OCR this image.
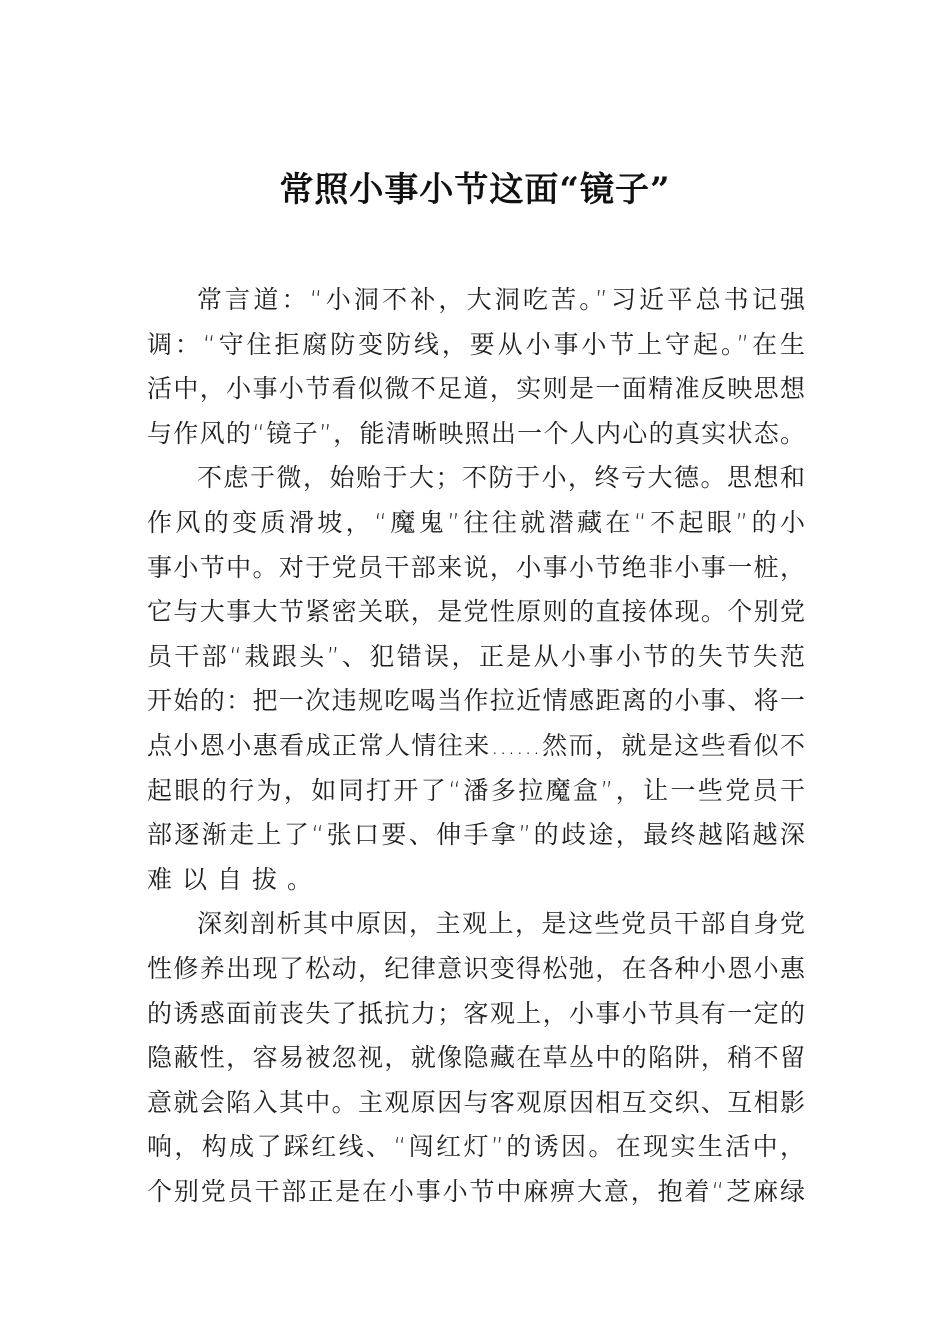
常照小事小节这面“镜子”
常言道：“小洞不补，大洞吃苦。”习近平总书记强
调：“守住拒腐防变防线，要从小事小节上守起。”在生
活中，小事小节看似微不足道，实则是一面精准反映思想
与作风的“镜子”，能清晰映照出一个人内心的真实状态。
不虑于微，始贻于大；不防于小，终亏大德。思想和
作风的变质滑坡，“魔鬼”往往就潜藏在“不起眼”的小
事小节中。对于党员干部来说，小事小节绝非小事一桩，
它与大事大节紧密关联，是党性原则的直接体现。个别党
员干部“栽跟头”、犯错误，正是从小事小节的失节失范
开始的：把一次违规吃喝当作拉近情感距离的小事、将一
点小恩小惠看成正常人情往来……然而，就是这些看似不
起眼的行为，如同打开了“潘多拉魔盒”，让一些党员干
部逐渐走上了“张口要、伸手拿”的歧途，最终越陷越深
难以自拔。
深刻剖析其中原因，主观上，是这些党员干部自身党
性修养出现了松动，纪律意识变得松弛，在各种小恩小惠
的诱惑面前丧失了抵抗力；客观上，小事小节具有一定的
隐蔽性，容易被忽视，就像隐藏在草丛中的陷阱，稍不留
意就会陷入其中。主观原因与客观原因相互交织、互相影
响，构成了踩红线、“闯红灯”的诱因。在现实生活中，
个别党员干部正是在小事小节中麻痹大意，抱着“芝麻绿
